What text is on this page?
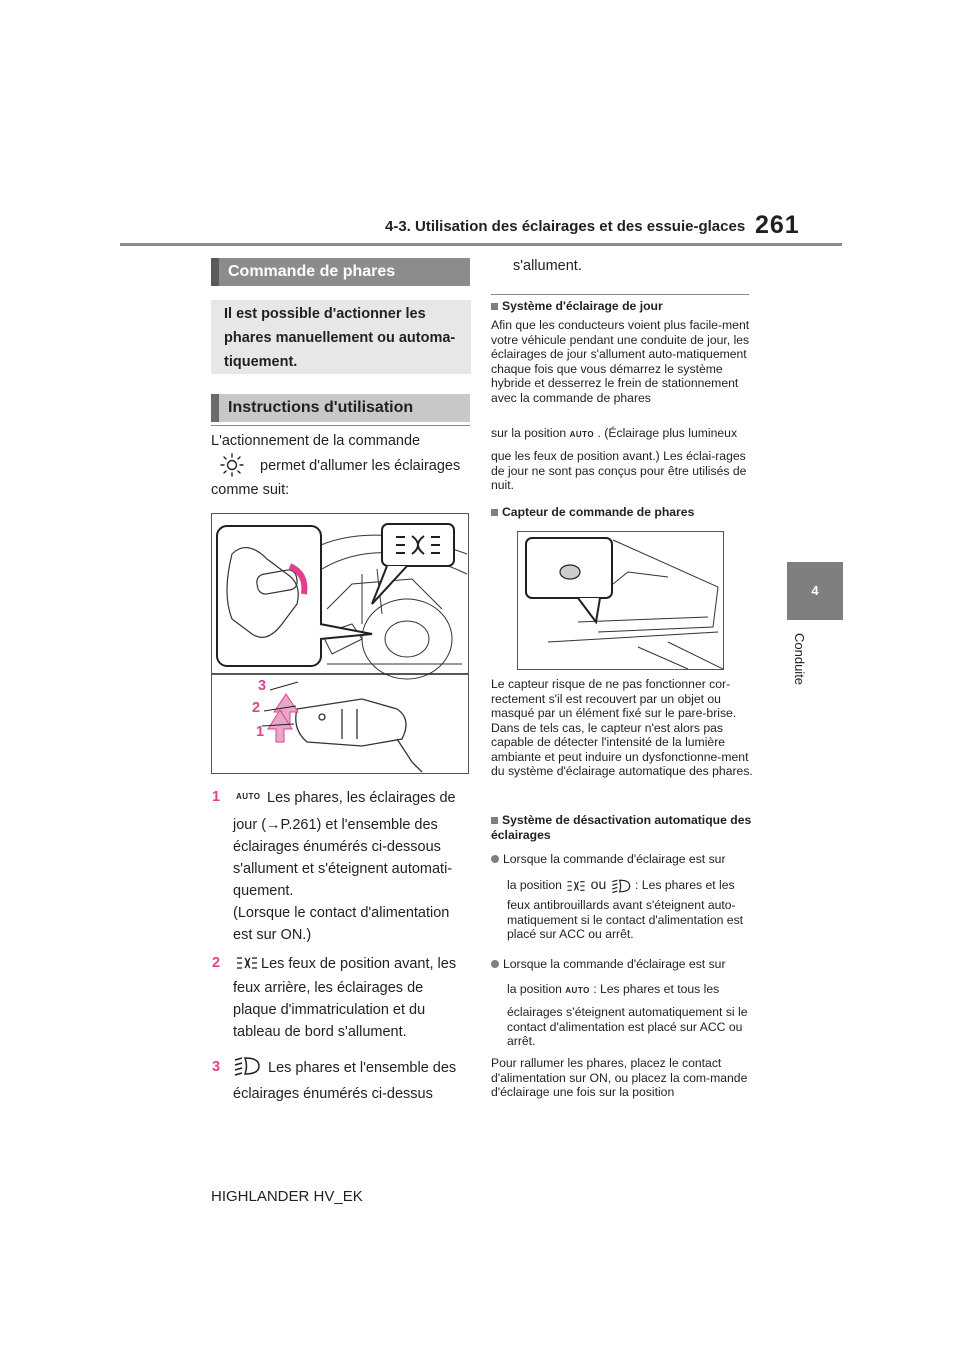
4-3. Utilisation des éclairages et des essuie-glaces 261
4
Conduite
Commande de phares
Il est possible d'actionner les phares manuellement ou automa-tiquement.
Instructions d'utilisation
L'actionnement de la commande
permet d'allumer les éclairages
comme suit:
3
2
1
1 AUTO Les phares, les éclairages de
jour (→P.261) et l'ensemble des
éclairages énumérés ci-dessous
s'allument et s'éteignent automati-
quement.
(Lorsque le contact d'alimentation
est sur ON.)
2	Les feux de position avant, les
feux arrière, les éclairages de
plaque d'immatriculation et du
tableau de bord s'allument.
3	Les phares et l'ensemble des
éclairages énumérés ci-dessus
s'allument.
Système d'éclairage de jour
Afin que les conducteurs voient plus facile-ment votre véhicule pendant une conduite de jour, les éclairages de jour s'allument auto-matiquement chaque fois que vous démarrez le système hybride et desserrez le frein de stationnement avec la commande de phares
sur la position AUTO . (Éclairage plus lumineux
que les feux de position avant.) Les éclai-rages de jour ne sont pas conçus pour être utilisés de nuit.
Capteur de commande de phares
Le capteur risque de ne pas fonctionner cor-rectement s'il est recouvert par un objet ou masqué par un élément fixé sur le pare-brise. Dans de tels cas, le capteur n'est alors pas capable de détecter l'intensité de la lumière ambiante et peut induire un dysfonctionne-ment du système d'éclairage automatique des phares.
Système de désactivation automatique des éclairages
Lorsque la commande d'éclairage est sur
la position ou : Les phares et les
feux antibrouillards avant s'éteignent auto-matiquement si le contact d'alimentation est placé sur ACC ou arrêt.
Lorsque la commande d'éclairage est sur
la position AUTO : Les phares et tous les
éclairages s’éteignent automatiquement si le contact d'alimentation est placé sur ACC ou arrêt.
Pour rallumer les phares, placez le contact d'alimentation sur ON, ou placez la com-mande d'éclairage une fois sur la position
HIGHLANDER HV_EK
